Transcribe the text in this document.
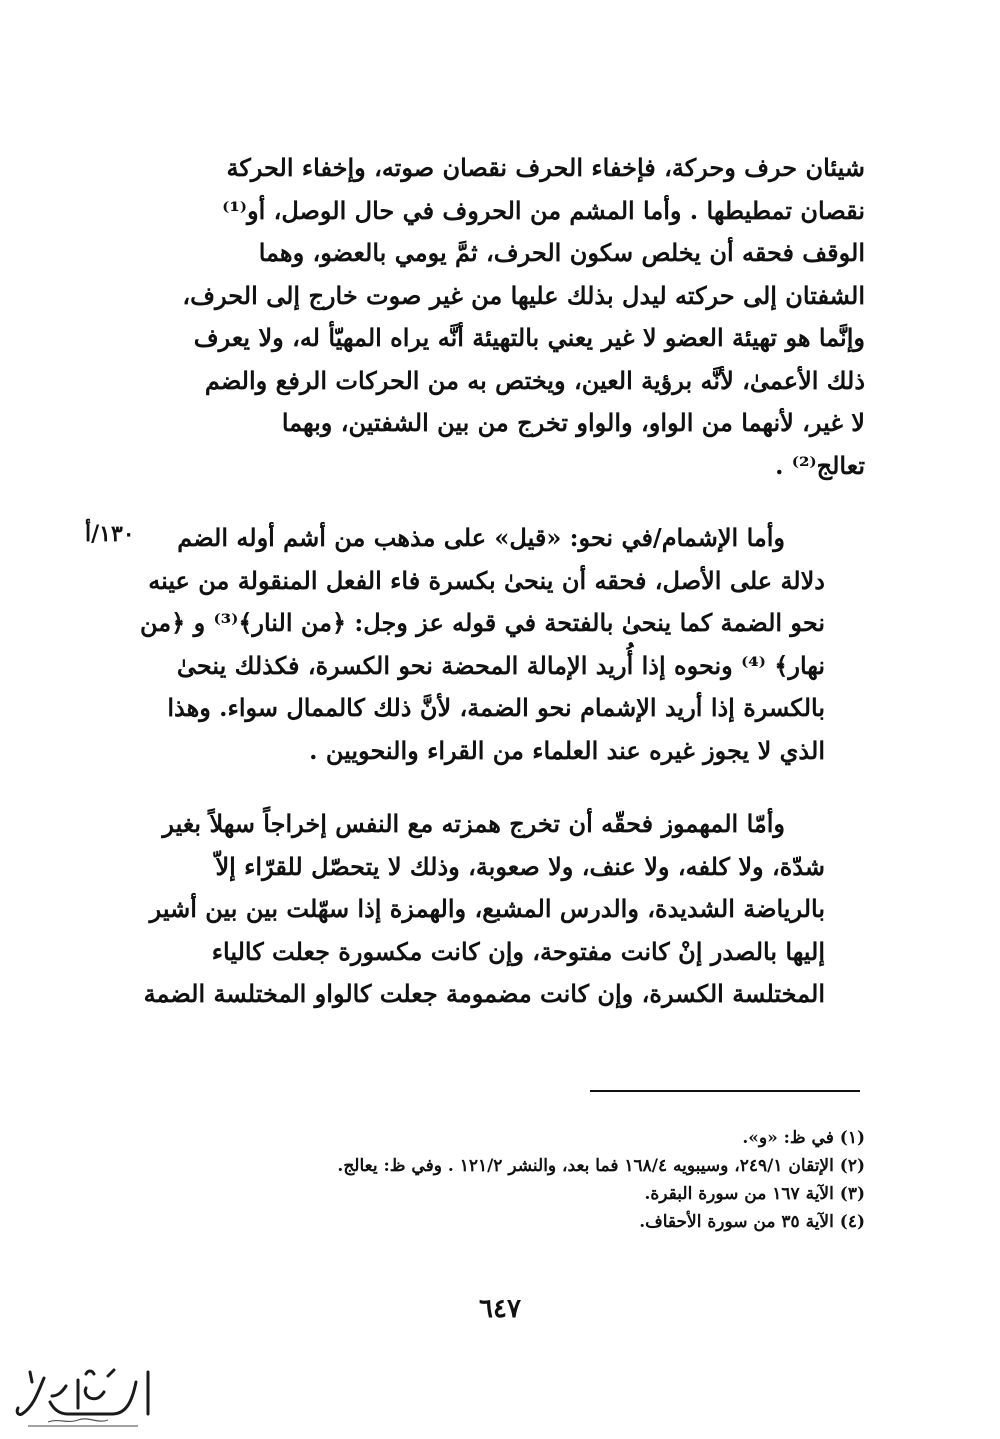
١٣٠/أ
شيئان حرف وحركة، فإخفاء الحرف نقصان صوته، وإخفاء الحركة
نقصان تمطيطها . وأما المشم من الحروف في حال الوصل، أو⁽¹⁾
الوقف فحقه أن يخلص سكون الحرف، ثمَّ يومي بالعضو، وهما
الشفتان إلى حركته ليدل بذلك عليها من غير صوت خارج إلى الحرف،
وإنَّما هو تهيئة العضو لا غير يعني بالتهيئة أنَّه يراه المهيّأ له، ولا يعرف
ذلك الأعمىٰ، لأنَّه برؤية العين، ويختص به من الحركات الرفع والضم
لا غير، لأنهما من الواو، والواو تخرج من بين الشفتين، وبهما
تعالج⁽²⁾ .
وأما الإشمام/في نحو: «قيل» على مذهب من أشم أوله الضم
دلالة على الأصل، فحقه أن ينحىٰ بكسرة فاء الفعل المنقولة من عينه
نحو الضمة كما ينحىٰ بالفتحة في قوله عز وجل: ﴿من النار﴾⁽³⁾ و ﴿من
نهار﴾ ⁽⁴⁾ ونحوه إذا أُريد الإمالة المحضة نحو الكسرة، فكذلك ينحىٰ
بالكسرة إذا أريد الإشمام نحو الضمة، لأنَّ ذلك كالممال سواء. وهذا
الذي لا يجوز غيره عند العلماء من القراء والنحويين .
وأمّا المهموز فحقّه أن تخرج همزته مع النفس إخراجاً سهلاً بغير
شدّة، ولا كلفه، ولا عنف، ولا صعوبة، وذلك لا يتحصّل للقرّاء إلاّ
بالرياضة الشديدة، والدرس المشبع، والهمزة إذا سهّلت بين بين أشير
إليها بالصدر إنْ كانت مفتوحة، وإن كانت مكسورة جعلت كالياء
المختلسة الكسرة، وإن كانت مضمومة جعلت كالواو المختلسة الضمة
(١) في ظ: «و».
(٢) الإتقان ٢٤٩/١، وسيبويه ١٦٨/٤ فما بعد، والنشر ١٢١/٢ . وفي ظ: يعالج.
(٣) الآية ١٦٧ من سورة البقرة.
(٤) الآية ٣٥ من سورة الأحقاف.
٦٤٧
